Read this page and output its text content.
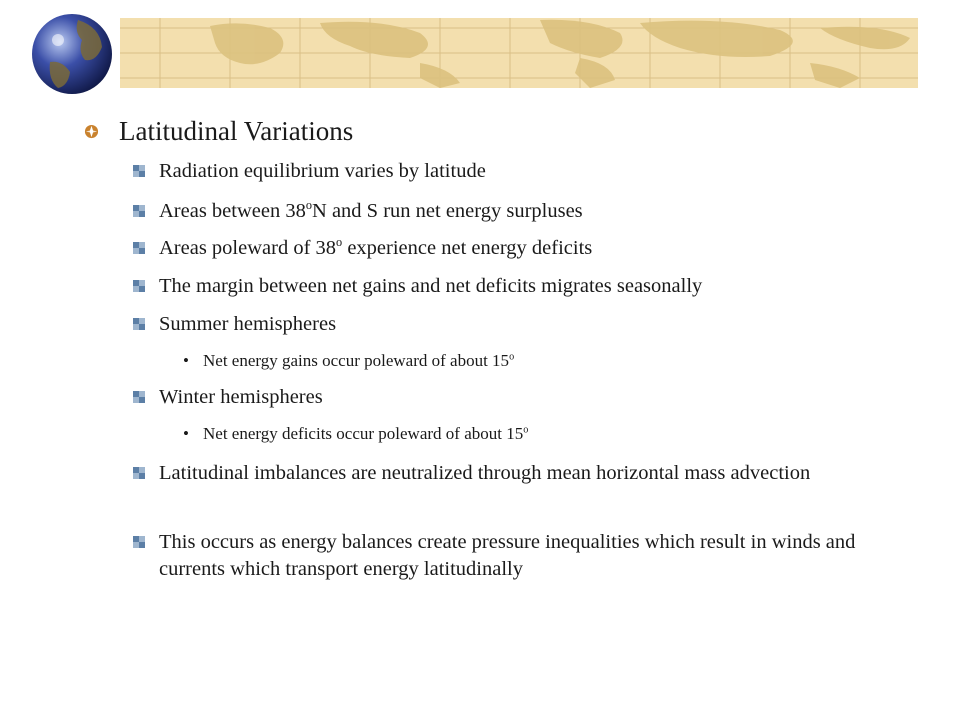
Latitudinal Variations
Radiation equilibrium varies by latitude
Areas between 38$^o$N and S run net energy surpluses
Areas poleward of 38$^o$ experience net energy deficits
The margin between net gains and net deficits migrates seasonally
Summer hemispheres
• Net energy gains occur poleward of about 15$^o$
Winter hemispheres
• Net energy deficits occur poleward of about 15$^o$
Latitudinal imbalances are neutralized through mean horizontal mass advection
This occurs as energy balances create pressure inequalities which result in winds and currents which transport energy latitudinally
